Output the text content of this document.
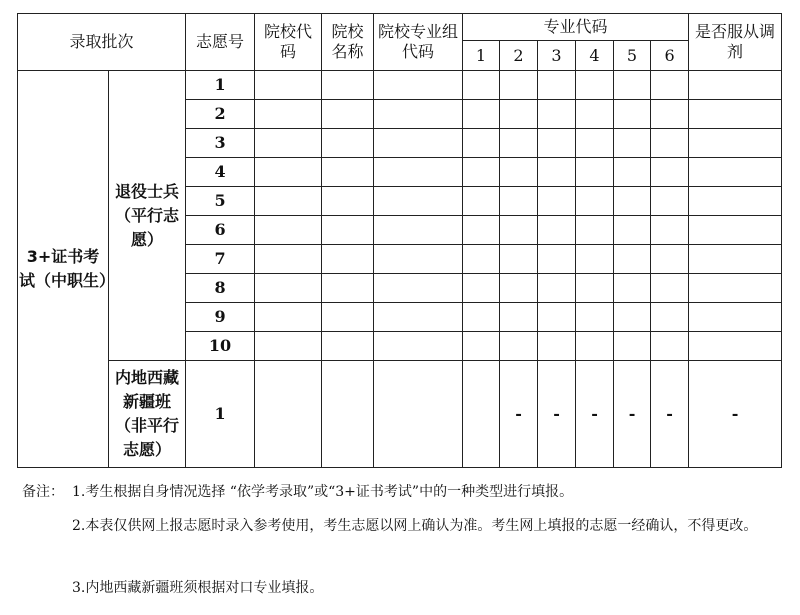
录取批次		志愿号	院校代码	院校名称	院校专业组代码	专业代码						是否服从调剂

						1	2	3	4	5	6	
3+证书考试（中职生）	退役士兵（平行志愿）	1										
		2										
		3										
		4										
		5										
		6										
		7										
		8										
		9										
		10										
	内地西藏新疆班（非平行志愿）	1					-	-	-	-	-	-
备注： 1.考生根据自身情况选择 “依学考录取”或“3+证书考试”中的一种类型进行填报。
2.本表仅供网上报志愿时录入参考使用，考生志愿以网上确认为准。考生网上填报的志愿一经确认，不得更改。
3.内地西藏新疆班须根据对口专业填报。
